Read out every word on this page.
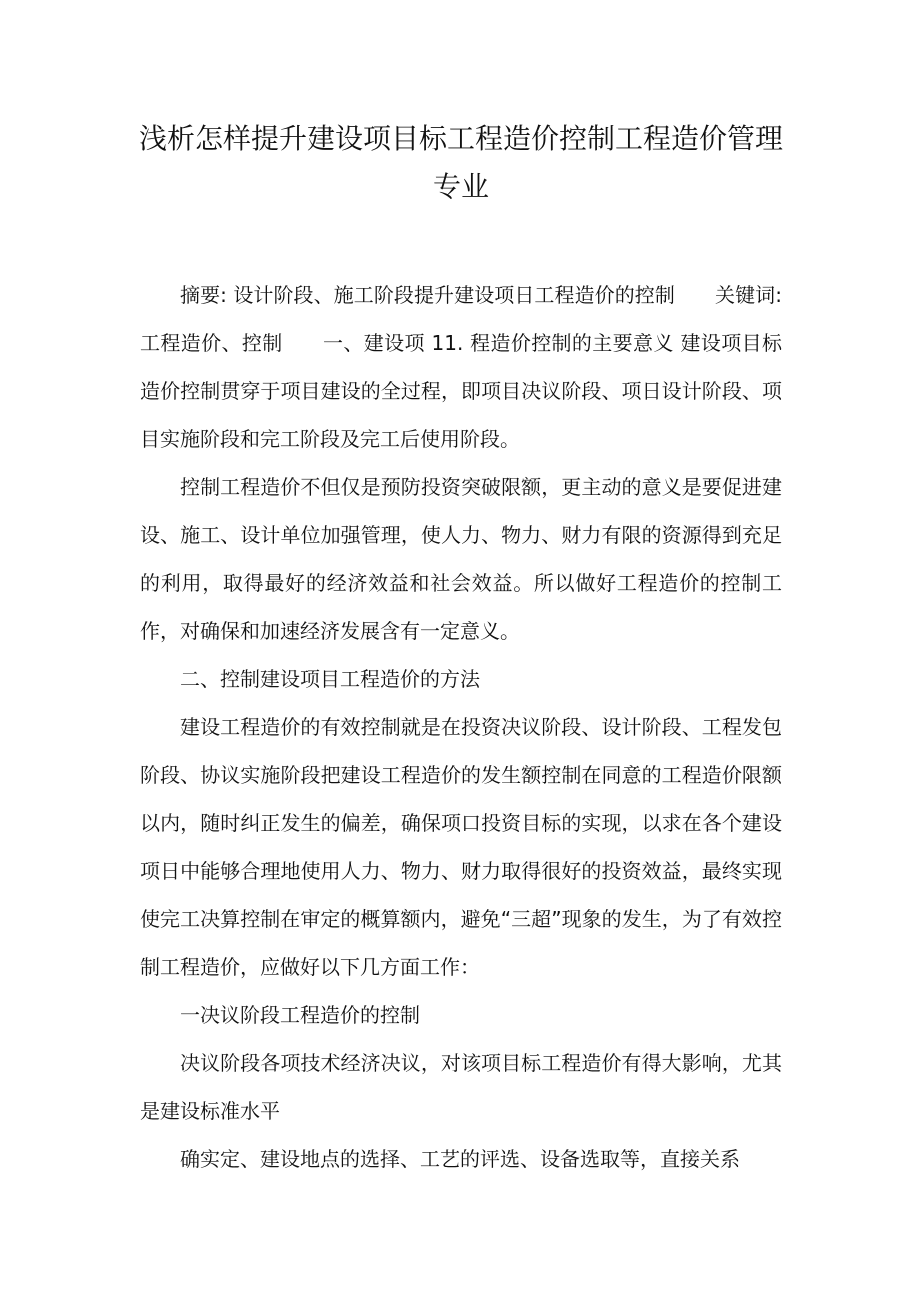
浅析怎样提升建设项目标工程造价控制工程造价管理
专业

摘要: 设计阶段、施工阶段提升建设项日工程造价的控制 关键词: 工程造价、控制 一、建设项 11. 程造价控制的主要意义 建设项目标造价控制贯穿于项目建设的全过程，即项目决议阶段、项日设计阶段、项目实施阶段和完工阶段及完工后使用阶段。

控制工程造价不但仅是预防投资突破限额，更主动的意义是要促进建设、施工、设计单位加强管理，使人力、物力、财力有限的资源得到充足的利用，取得最好的经济效益和社会效益。所以做好工程造价的控制工作，对确保和加速经济发展含有一定意义。

二、控制建设项目工程造价的方法

建设工程造价的有效控制就是在投资决议阶段、设计阶段、工程发包阶段、协议实施阶段把建设工程造价的发生额控制在同意的工程造价限额以内，随时纠正发生的偏差，确保项口投资目标的实现，以求在各个建设项日中能够合理地使用人力、物力、财力取得很好的投资效益，最终实现使完工决算控制在审定的概算额内，避免“三超”现象的发生，为了有效控制工程造价，应做好以下几方面工作：

一决议阶段工程造价的控制

决议阶段各项技术经济决议，对该项目标工程造价有得大影响，尤其是建设标准水平

确实定、建设地点的选择、工艺的评选、设备选取等，直接关系
